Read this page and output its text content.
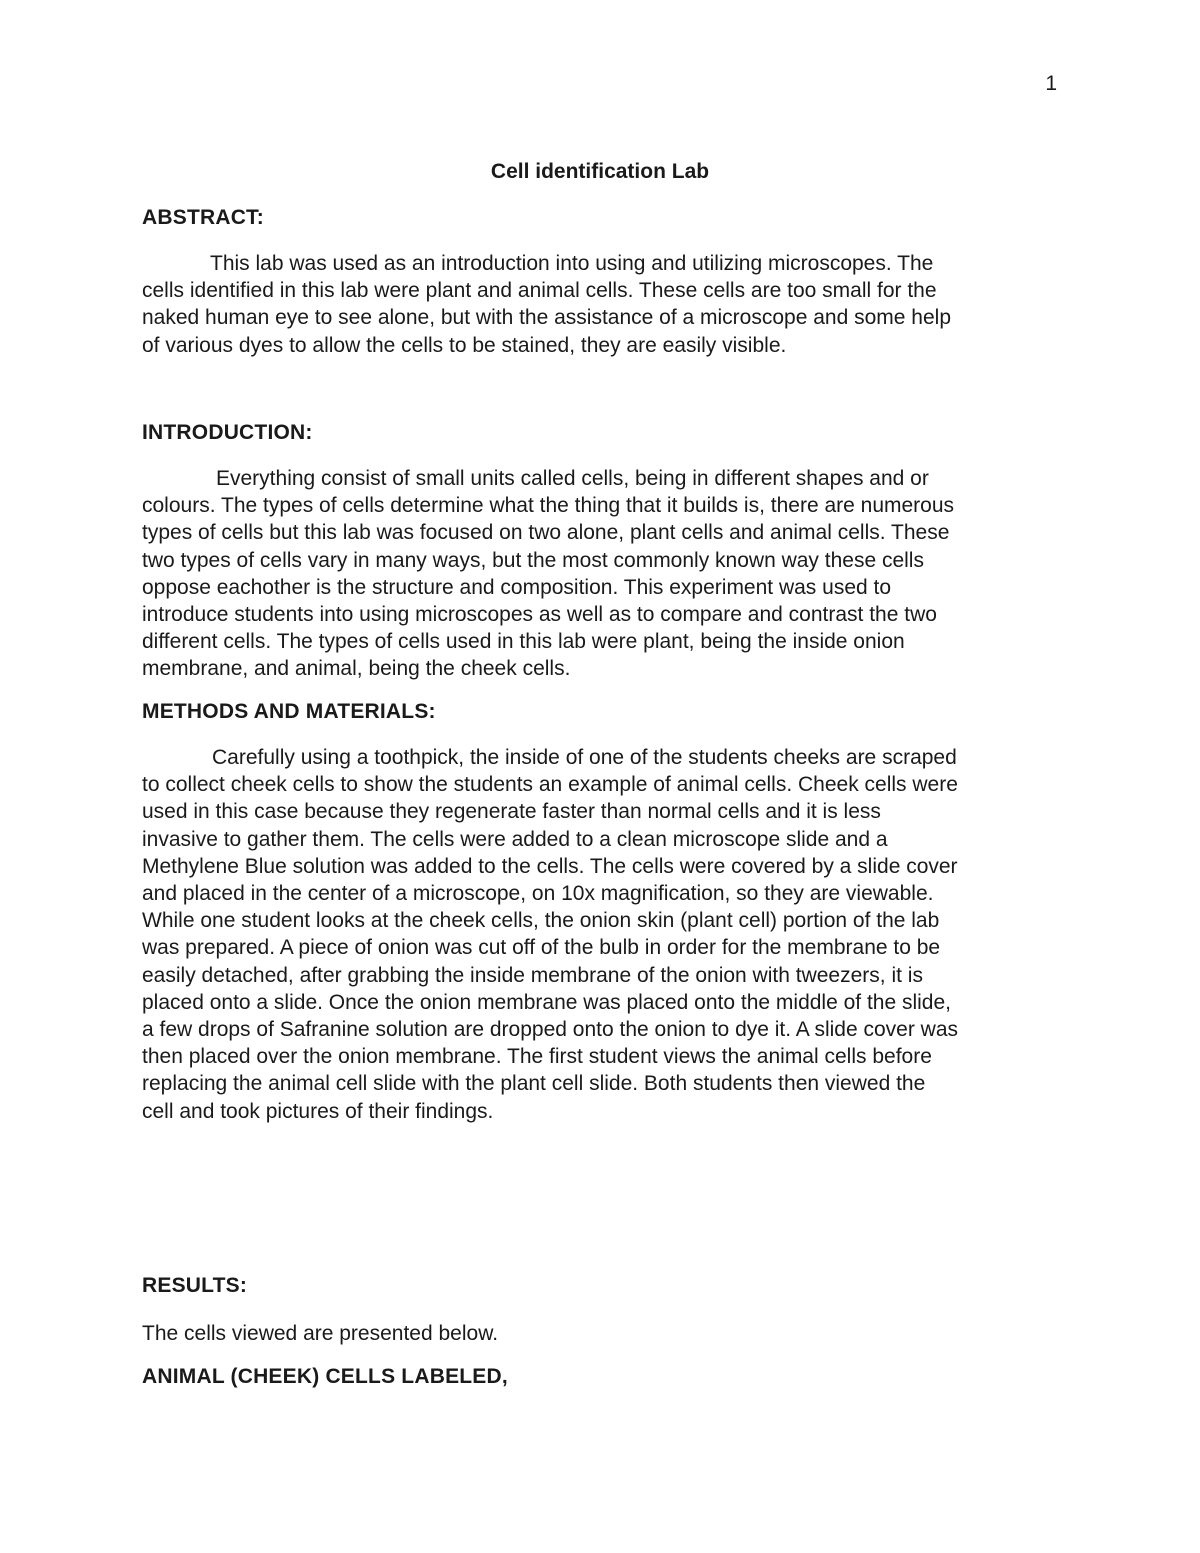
1
Cell identification Lab
ABSTRACT:
This lab was used as an introduction into using and utilizing microscopes. The
cells identified in this lab were plant and animal cells. These cells are too small for the
naked human eye to see alone, but with the assistance of a microscope and some help
of various dyes to allow the cells to be stained, they are easily visible.
INTRODUCTION:
Everything consist of small units called cells, being in different shapes and or
colours. The types of cells determine what the thing that it builds is, there are numerous
types of cells but this lab was focused on two alone, plant cells and animal cells. These
two types of cells vary in many ways, but the most commonly known way these cells
oppose eachother is the structure and composition. This experiment was used to
introduce students into using microscopes as well as to compare and contrast the two
different cells. The types of cells used in this lab were plant, being the inside onion
membrane, and animal, being the cheek cells.
METHODS AND MATERIALS:
Carefully using a toothpick, the inside of one of the students cheeks are scraped
to collect cheek cells to show the students an example of animal cells. Cheek cells were
used in this case because they regenerate faster than normal cells and it is less
invasive to gather them. The cells were added to a clean microscope slide and a
Methylene Blue solution was added to the cells. The cells were covered by a slide cover
and placed in the center of a microscope, on 10x magnification, so they are viewable.
While one student looks at the cheek cells, the onion skin (plant cell) portion of the lab
was prepared. A piece of onion was cut off of the bulb in order for the membrane to be
easily detached, after grabbing the inside membrane of the onion with tweezers, it is
placed onto a slide. Once the onion membrane was placed onto the middle of the slide,
a few drops of Safranine solution are dropped onto the onion to dye it. A slide cover was
then placed over the onion membrane. The first student views the animal cells before
replacing the animal cell slide with the plant cell slide. Both students then viewed the
cell and took pictures of their findings.
RESULTS:
The cells viewed are presented below.
ANIMAL (CHEEK) CELLS LABELED,
